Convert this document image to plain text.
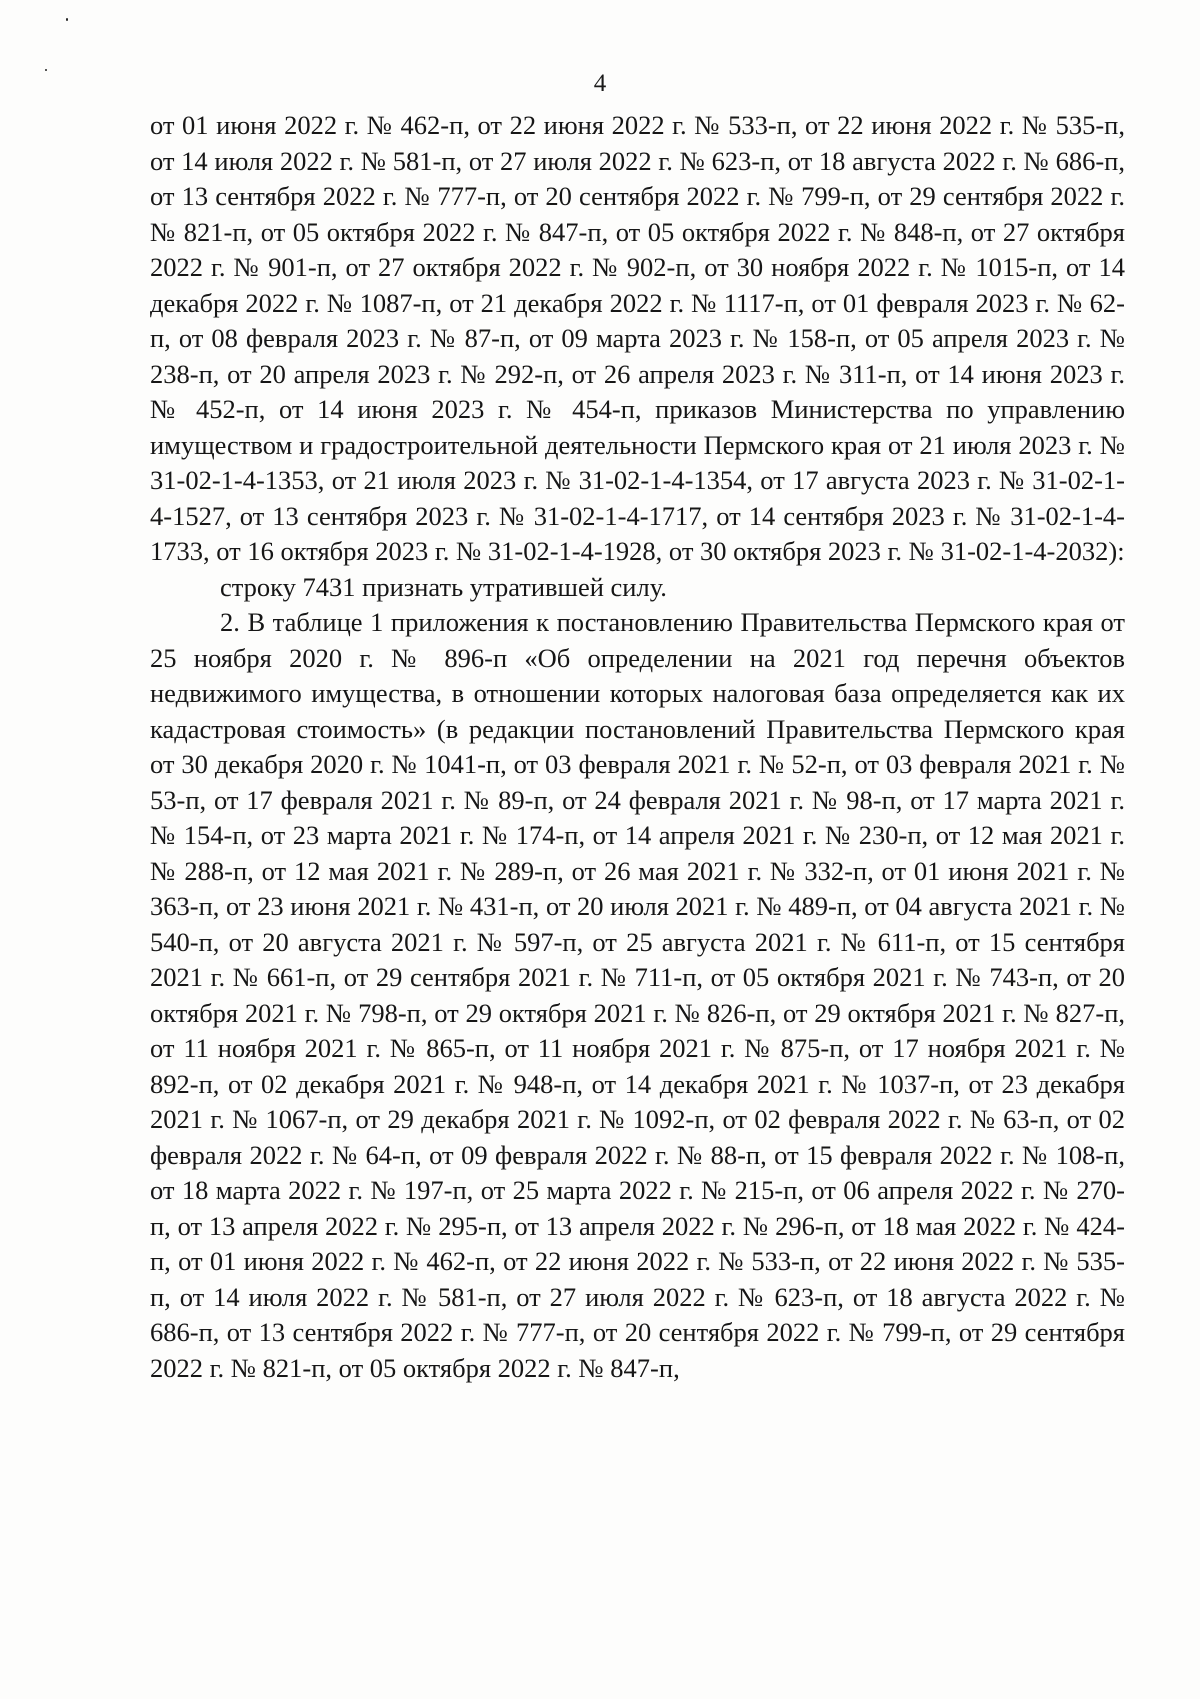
4

от 01 июня 2022 г. № 462-п, от 22 июня 2022 г. № 533-п, от 22 июня 2022 г. № 535-п, от 14 июля 2022 г. № 581-п, от 27 июля 2022 г. № 623-п, от 18 августа 2022 г. № 686-п, от 13 сентября 2022 г. № 777-п, от 20 сентября 2022 г. № 799-п, от 29 сентября 2022 г. № 821-п, от 05 октября 2022 г. № 847-п, от 05 октября 2022 г. № 848-п, от 27 октября 2022 г. № 901-п, от 27 октября 2022 г. № 902-п, от 30 ноября 2022 г. № 1015-п, от 14 декабря 2022 г. № 1087-п, от 21 декабря 2022 г. № 1117-п, от 01 февраля 2023 г. № 62-п, от 08 февраля 2023 г. № 87-п, от 09 марта 2023 г. № 158-п, от 05 апреля 2023 г. № 238-п, от 20 апреля 2023 г. № 292-п, от 26 апреля 2023 г. № 311-п, от 14 июня 2023 г. № 452-п, от 14 июня 2023 г. № 454-п, приказов Министерства по управлению имуществом и градостроительной деятельности Пермского края от 21 июля 2023 г. № 31-02-1-4-1353, от 21 июля 2023 г. № 31-02-1-4-1354, от 17 августа 2023 г. № 31-02-1-4-1527, от 13 сентября 2023 г. № 31-02-1-4-1717, от 14 сентября 2023 г. № 31-02-1-4-1733, от 16 октября 2023 г. № 31-02-1-4-1928, от 30 октября 2023 г. № 31-02-1-4-2032):

строку 7431 признать утратившей силу.

2. В таблице 1 приложения к постановлению Правительства Пермского края от 25 ноября 2020 г. № 896-п «Об определении на 2021 год перечня объектов недвижимого имущества, в отношении которых налоговая база определяется как их кадастровая стоимость» (в редакции постановлений Правительства Пермского края от 30 декабря 2020 г. № 1041-п, от 03 февраля 2021 г. № 52-п, от 03 февраля 2021 г. № 53-п, от 17 февраля 2021 г. № 89-п, от 24 февраля 2021 г. № 98-п, от 17 марта 2021 г. № 154-п, от 23 марта 2021 г. № 174-п, от 14 апреля 2021 г. № 230-п, от 12 мая 2021 г. № 288-п, от 12 мая 2021 г. № 289-п, от 26 мая 2021 г. № 332-п, от 01 июня 2021 г. № 363-п, от 23 июня 2021 г. № 431-п, от 20 июля 2021 г. № 489-п, от 04 августа 2021 г. № 540-п, от 20 августа 2021 г. № 597-п, от 25 августа 2021 г. № 611-п, от 15 сентября 2021 г. № 661-п, от 29 сентября 2021 г. № 711-п, от 05 октября 2021 г. № 743-п, от 20 октября 2021 г. № 798-п, от 29 октября 2021 г. № 826-п, от 29 октября 2021 г. № 827-п, от 11 ноября 2021 г. № 865-п, от 11 ноября 2021 г. № 875-п, от 17 ноября 2021 г. № 892-п, от 02 декабря 2021 г. № 948-п, от 14 декабря 2021 г. № 1037-п, от 23 декабря 2021 г. № 1067-п, от 29 декабря 2021 г. № 1092-п, от 02 февраля 2022 г. № 63-п, от 02 февраля 2022 г. № 64-п, от 09 февраля 2022 г. № 88-п, от 15 февраля 2022 г. № 108-п, от 18 марта 2022 г. № 197-п, от 25 марта 2022 г. № 215-п, от 06 апреля 2022 г. № 270-п, от 13 апреля 2022 г. № 295-п, от 13 апреля 2022 г. № 296-п, от 18 мая 2022 г. № 424-п, от 01 июня 2022 г. № 462-п, от 22 июня 2022 г. № 533-п, от 22 июня 2022 г. № 535-п, от 14 июля 2022 г. № 581-п, от 27 июля 2022 г. № 623-п, от 18 августа 2022 г. № 686-п, от 13 сентября 2022 г. № 777-п, от 20 сентября 2022 г. № 799-п, от 29 сентября 2022 г. № 821-п, от 05 октября 2022 г. № 847-п,
